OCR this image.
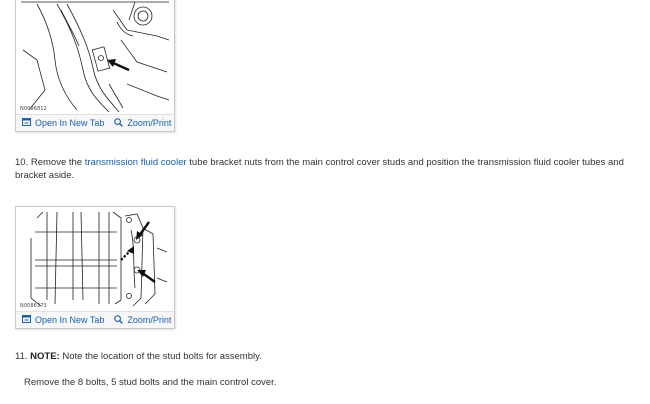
N0096812
Open In New Tab	Zoom/Print
10. Remove the transmission fluid cooler tube bracket nuts from the main control cover studs and position the transmission fluid cooler tubes and bracket aside.
N0086373
Open In New Tab	Zoom/Print
11. NOTE: Note the location of the stud bolts for assembly.
Remove the 8 bolts, 5 stud bolts and the main control cover.
